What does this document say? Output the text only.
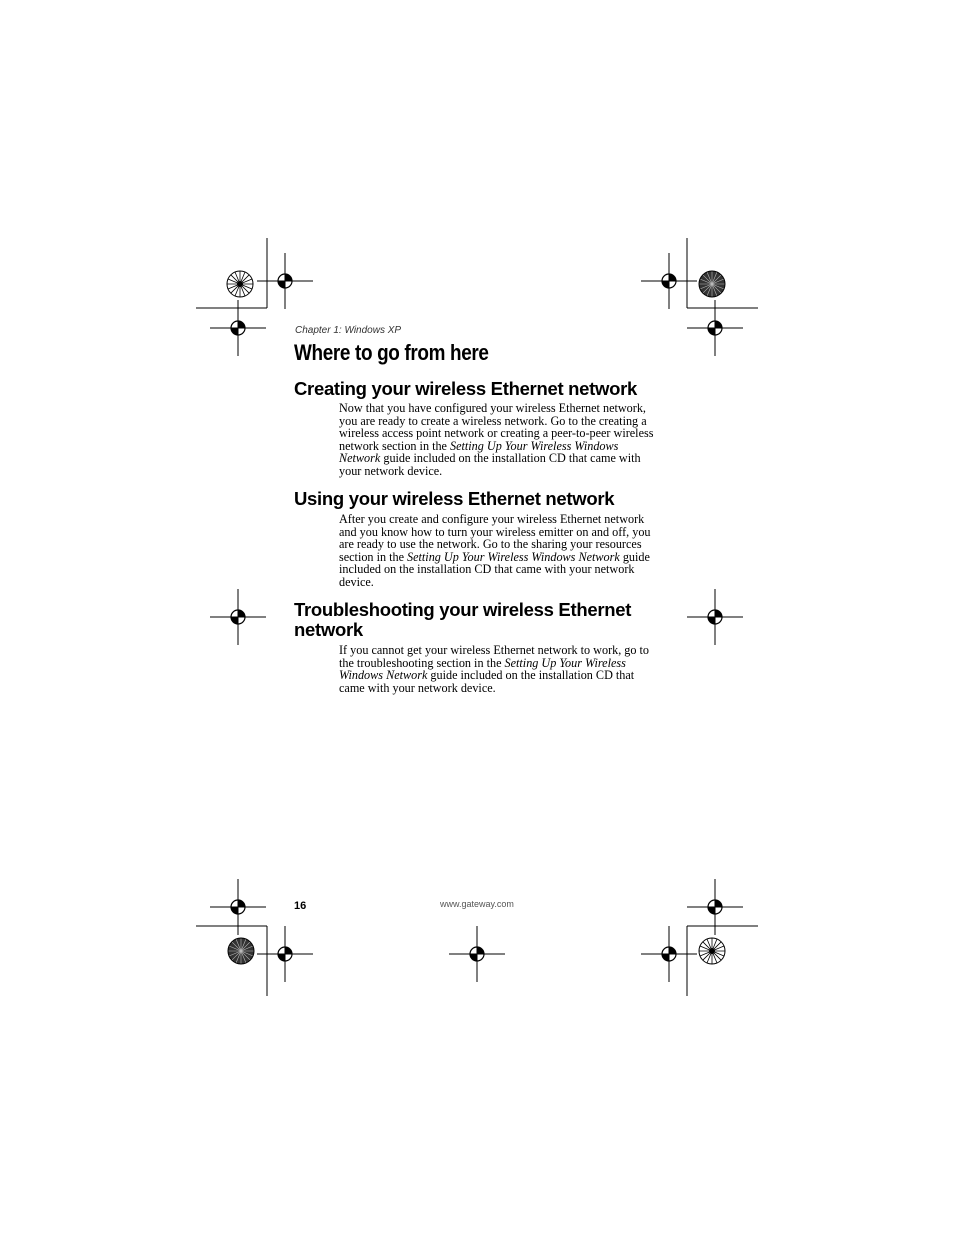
Chapter 1: Windows XP

Where to go from here
Creating your wireless Ethernet network

Now that you have configured your wireless Ethernet network, you are ready to create a wireless network. Go to the creating a wireless access point network or creating a peer-to-peer wireless network section in the Setting Up Your Wireless Windows Network guide included on the installation CD that came with your network device.

Using your wireless Ethernet network

After you create and configure your wireless Ethernet network and you know how to turn your wireless emitter on and off, you are ready to use the network. Go to the sharing your resources section in the Setting Up Your Wireless Windows Network guide included on the installation CD that came with your network device.

Troubleshooting your wireless Ethernet network

If you cannot get your wireless Ethernet network to work, go to the troubleshooting section in the Setting Up Your Wireless Windows Network guide included on the installation CD that came with your network device.

16	www.gateway.com
